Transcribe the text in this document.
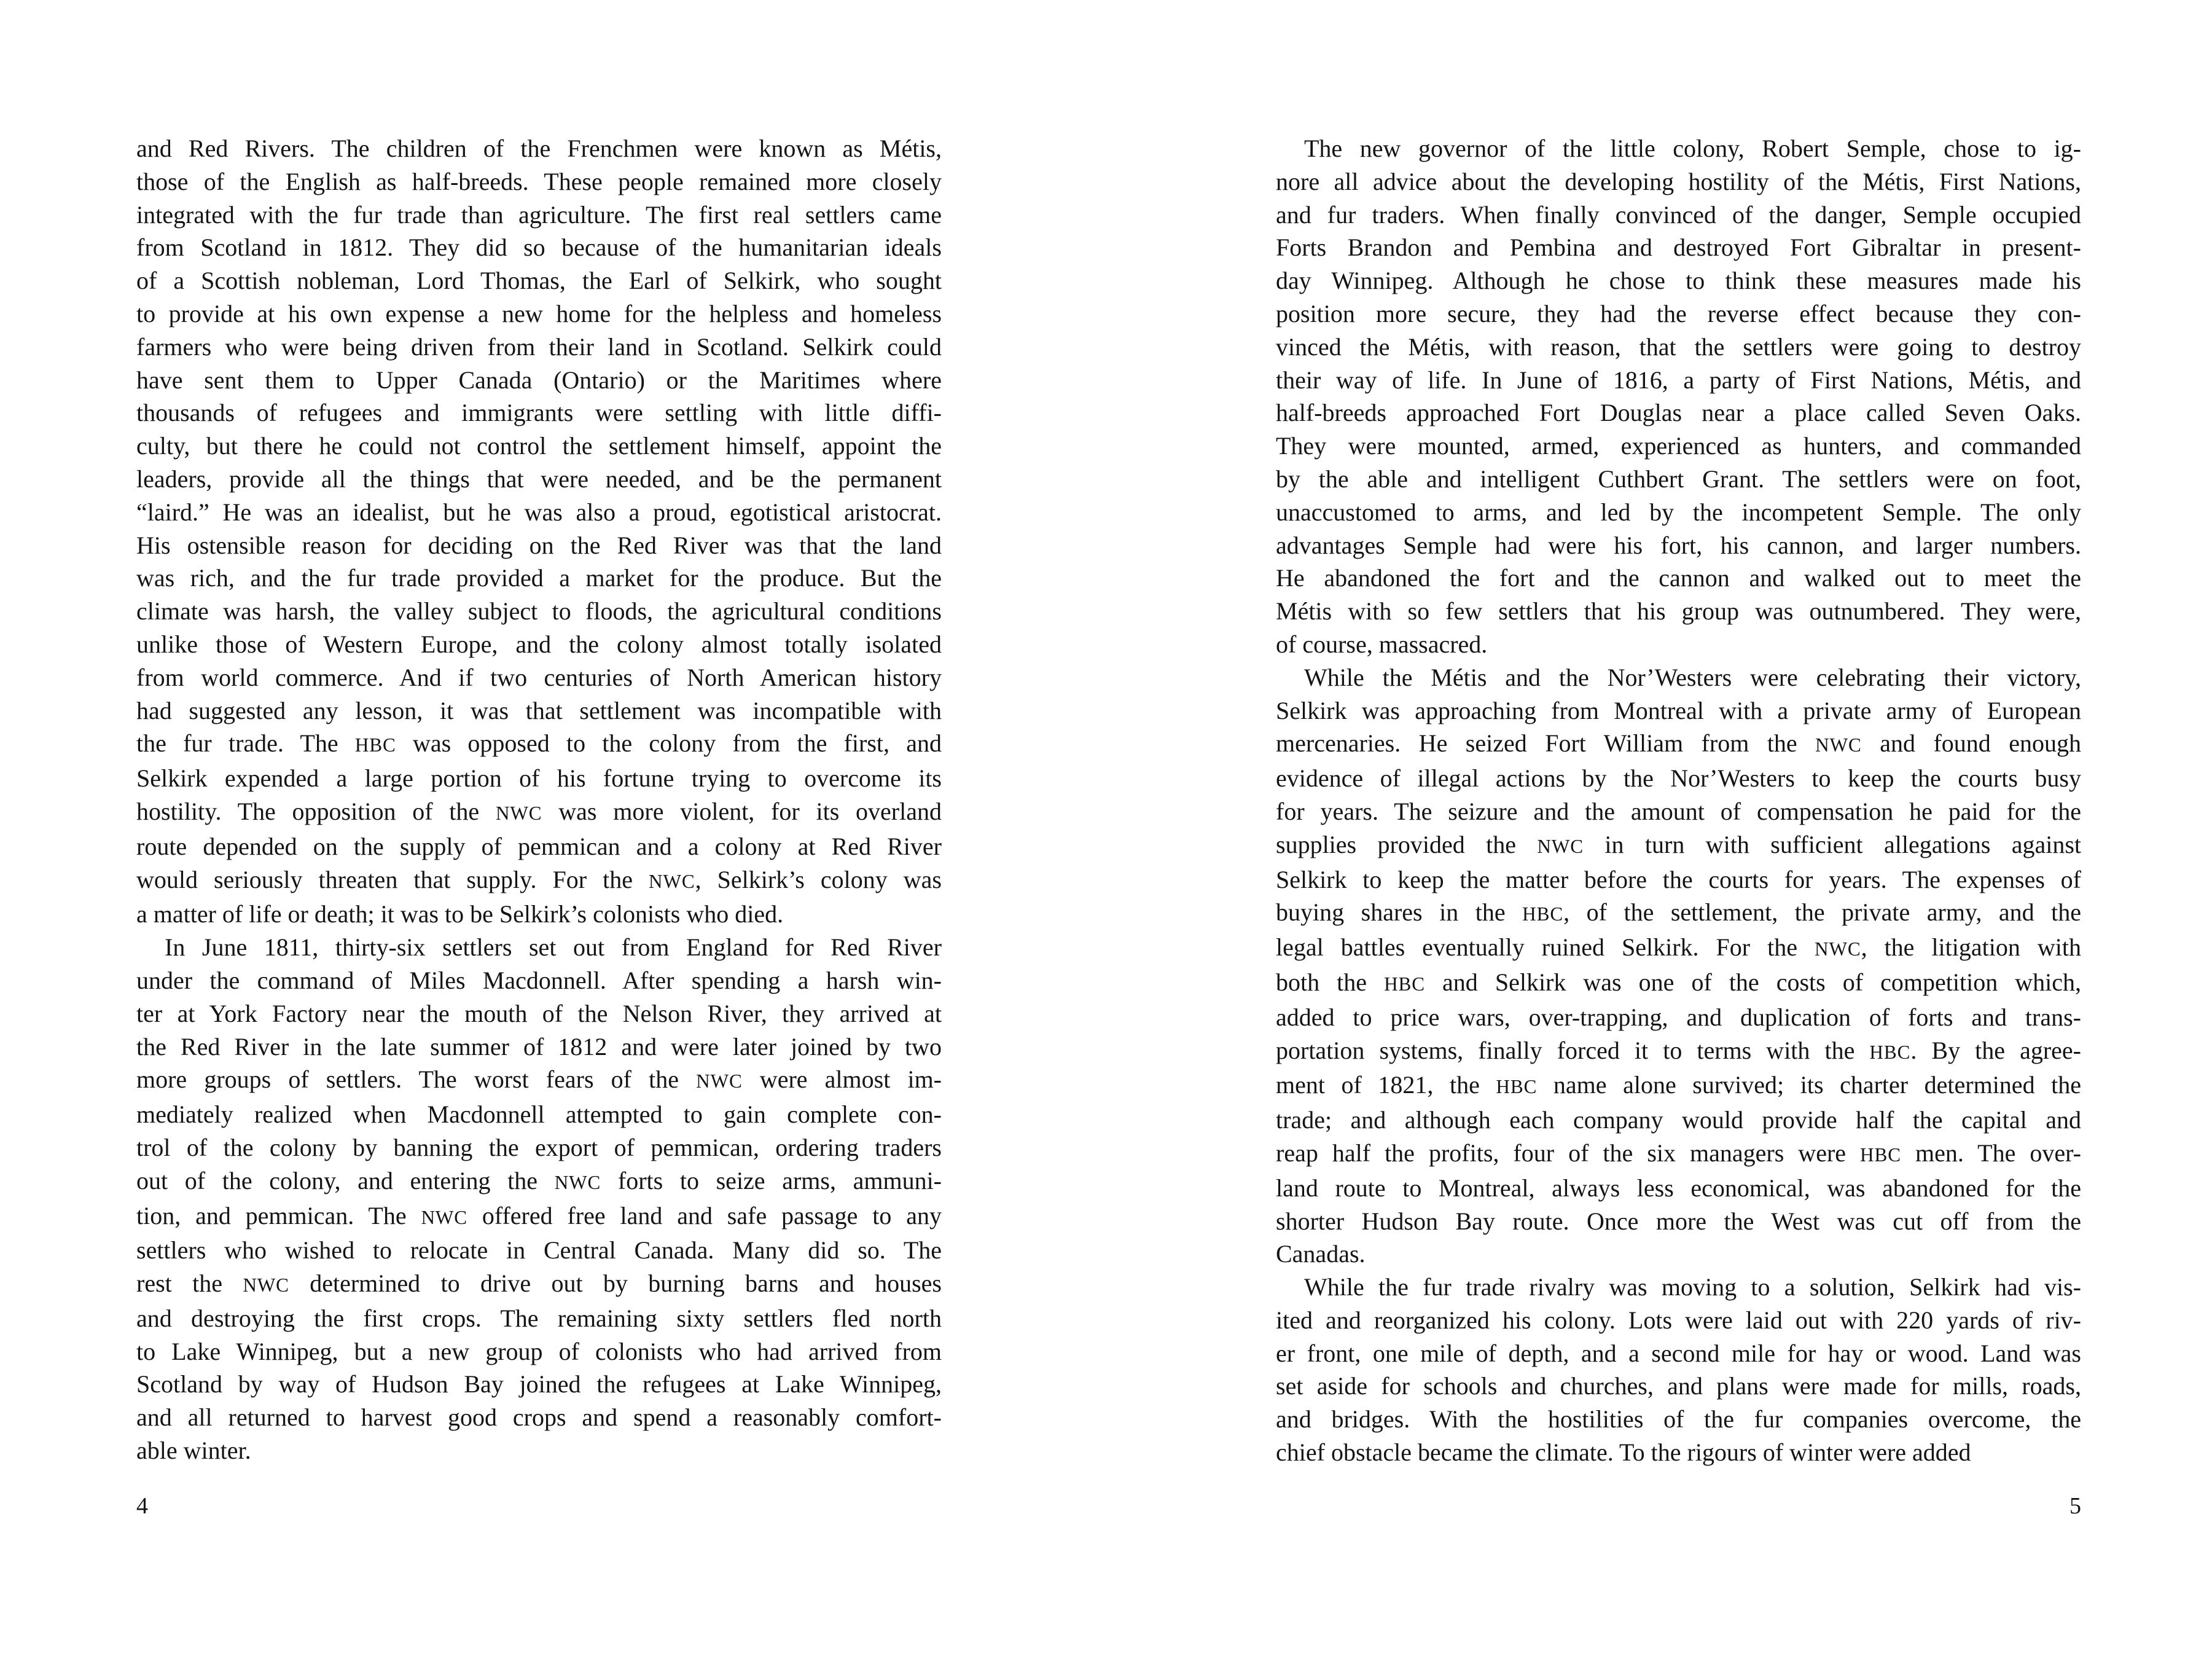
and Red Rivers. The children of the Frenchmen were known as Métis,
those of the English as half-breeds. These people remained more closely
integrated with the fur trade than agriculture. The first real settlers came
from Scotland in 1812. They did so because of the humanitarian ideals
of a Scottish nobleman, Lord Thomas, the Earl of Selkirk, who sought
to provide at his own expense a new home for the helpless and homeless
farmers who were being driven from their land in Scotland. Selkirk could
have sent them to Upper Canada (Ontario) or the Maritimes where
thousands of refugees and immigrants were settling with little diffi-
culty, but there he could not control the settlement himself, appoint the
leaders, provide all the things that were needed, and be the permanent
“laird.” He was an idealist, but he was also a proud, egotistical aristocrat.
His ostensible reason for deciding on the Red River was that the land
was rich, and the fur trade provided a market for the produce. But the
climate was harsh, the valley subject to floods, the agricultural conditions
unlike those of Western Europe, and the colony almost totally isolated
from world commerce. And if two centuries of North American history
had suggested any lesson, it was that settlement was incompatible with
the fur trade. The HBC was opposed to the colony from the first, and
Selkirk expended a large portion of his fortune trying to overcome its
hostility. The opposition of the NWC was more violent, for its overland
route depended on the supply of pemmican and a colony at Red River
would seriously threaten that supply. For the NWC, Selkirk’s colony was
a matter of life or death; it was to be Selkirk’s colonists who died.
In June 1811, thirty-six settlers set out from England for Red River
under the command of Miles Macdonnell. After spending a harsh win-
ter at York Factory near the mouth of the Nelson River, they arrived at
the Red River in the late summer of 1812 and were later joined by two
more groups of settlers. The worst fears of the NWC were almost im-
mediately realized when Macdonnell attempted to gain complete con-
trol of the colony by banning the export of pemmican, ordering traders
out of the colony, and entering the NWC forts to seize arms, ammuni-
tion, and pemmican. The NWC offered free land and safe passage to any
settlers who wished to relocate in Central Canada. Many did so. The
rest the NWC determined to drive out by burning barns and houses
and destroying the first crops. The remaining sixty settlers fled north
to Lake Winnipeg, but a new group of colonists who had arrived from
Scotland by way of Hudson Bay joined the refugees at Lake Winnipeg,
and all returned to harvest good crops and spend a reasonably comfort-
able winter.
The new governor of the little colony, Robert Semple, chose to ig-
nore all advice about the developing hostility of the Métis, First Nations,
and fur traders. When finally convinced of the danger, Semple occupied
Forts Brandon and Pembina and destroyed Fort Gibraltar in present-
day Winnipeg. Although he chose to think these measures made his
position more secure, they had the reverse effect because they con-
vinced the Métis, with reason, that the settlers were going to destroy
their way of life. In June of 1816, a party of First Nations, Métis, and
half-breeds approached Fort Douglas near a place called Seven Oaks.
They were mounted, armed, experienced as hunters, and commanded
by the able and intelligent Cuthbert Grant. The settlers were on foot,
unaccustomed to arms, and led by the incompetent Semple. The only
advantages Semple had were his fort, his cannon, and larger numbers.
He abandoned the fort and the cannon and walked out to meet the
Métis with so few settlers that his group was outnumbered. They were,
of course, massacred.
While the Métis and the Nor’Westers were celebrating their victory,
Selkirk was approaching from Montreal with a private army of European
mercenaries. He seized Fort William from the NWC and found enough
evidence of illegal actions by the Nor’Westers to keep the courts busy
for years. The seizure and the amount of compensation he paid for the
supplies provided the NWC in turn with sufficient allegations against
Selkirk to keep the matter before the courts for years. The expenses of
buying shares in the HBC, of the settlement, the private army, and the
legal battles eventually ruined Selkirk. For the NWC, the litigation with
both the HBC and Selkirk was one of the costs of competition which,
added to price wars, over-trapping, and duplication of forts and trans-
portation systems, finally forced it to terms with the HBC. By the agree-
ment of 1821, the HBC name alone survived; its charter determined the
trade; and although each company would provide half the capital and
reap half the profits, four of the six managers were HBC men. The over-
land route to Montreal, always less economical, was abandoned for the
shorter Hudson Bay route. Once more the West was cut off from the
Canadas.
While the fur trade rivalry was moving to a solution, Selkirk had vis-
ited and reorganized his colony. Lots were laid out with 220 yards of riv-
er front, one mile of depth, and a second mile for hay or wood. Land was
set aside for schools and churches, and plans were made for mills, roads,
and bridges. With the hostilities of the fur companies overcome, the
chief obstacle became the climate. To the rigours of winter were added
4	5
